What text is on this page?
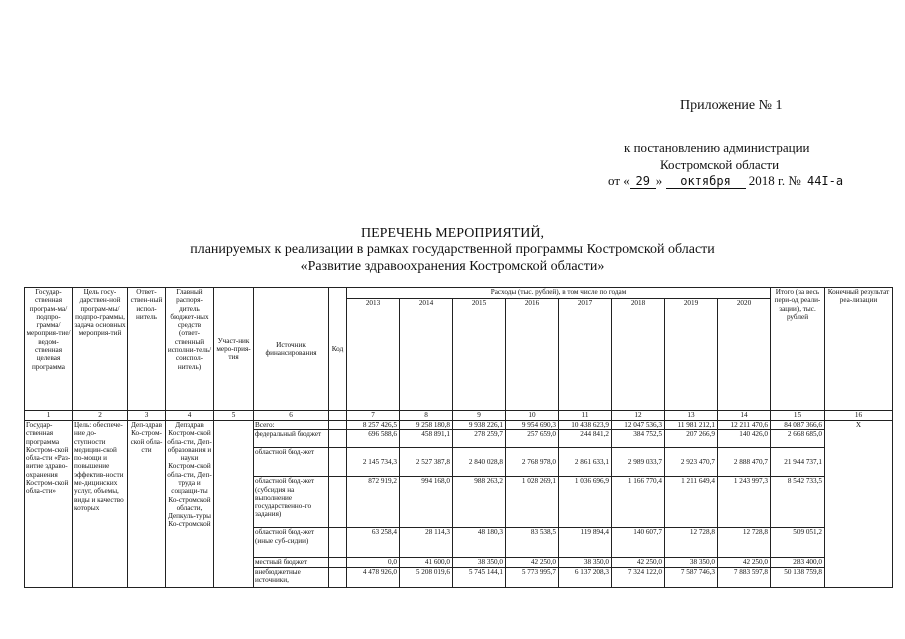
Приложение № 1
к постановлению администрации
Костромской области
от « 29 » октября 2018 г. № 44I-a
ПЕРЕЧЕНЬ МЕРОПРИЯТИЙ,
планируемых к реализации в рамках государственной программы Костромской области
«Развитие здравоохранения Костромской области»
Государ-ственная програм-ма/ подпро-грамма/ мероприя-тие/ ведом-ственная целевая программа	Цель госу-дарствен-ной програм-мы/ подпро-граммы, задача основных мероприя-тий	Ответ-ствен-ный испол-нитель	Главный распоря-дитель бюджет-ных средств (ответ-ственный исполни-тель/ соиспол-нитель)	Участ-ник меро-прия-тия	Источник финансирования	Код	Расходы (тыс. рублей), в том числе по годам								Итого (за весь пери-од реали-зации), тыс. рублей	Конечный результат реа-лизации
							2013	2014	2015	2016	2017	2018	2019	2020		
1	2	3	4	5	6		7	8	9	10	11	12	13	14	15	16
Государ-ственная программа Костром-ской обла-сти «Раз-витие здраво-охранения Костром-ской обла-сти»	Цель: обеспече-ние до-ступности медицин-ской по-мощи и повышение эффектив-ности ме-дицинских услуг, объемы, виды и качество которых	Деп-здрав Ко-стром-ской обла-сти	Депздрав Костром-ской обла-сти, Деп-образования и науки Костром-ской обла-сти, Деп-труда и соцзащи-ты Ко-стромской области, Депкуль-туры Ко-стромской		Всего:		8 257 426,5	9 258 180,8	9 938 226,1	9 954 690,3	10 438 623,9	12 047 536,3	11 981 212,1	12 211 470,6	84 087 366,6	X
					федеральный бюджет		696 588,6	458 891,1	278 259,7	257 659,0	244 841,2	384 752,5	207 266,9	140 426,0	2 668 685,0	
					областной бюд-жет		2 145 734,3	2 527 387,8	2 840 028,8	2 768 978,0	2 861 633,1	2 989 033,7	2 923 470,7	2 888 470,7	21 944 737,1	
					областной бюд-жет (субсидия на выполнение государственно-го задания)		872 919,2	994 168,0	988 263,2	1 028 269,1	1 036 696,9	1 166 770,4	1 211 649,4	1 243 997,3	8 542 733,5	
					областной бюд-жет (иные суб-сидии)		63 258,4	28 114,3	48 180,3	83 538,5	119 894,4	140 607,7	12 728,8	12 728,8	509 051,2	
					местный бюджет		0,0	41 600,0	38 350,0	42 250,0	38 350,0	42 250,0	38 350,0	42 250,0	283 400,0	
					внебюджетные источники,		4 478 926,0	5 208 019,6	5 745 144,1	5 773 995,7	6 137 208,3	7 324 122,0	7 587 746,3	7 883 597,8	50 138 759,8	
